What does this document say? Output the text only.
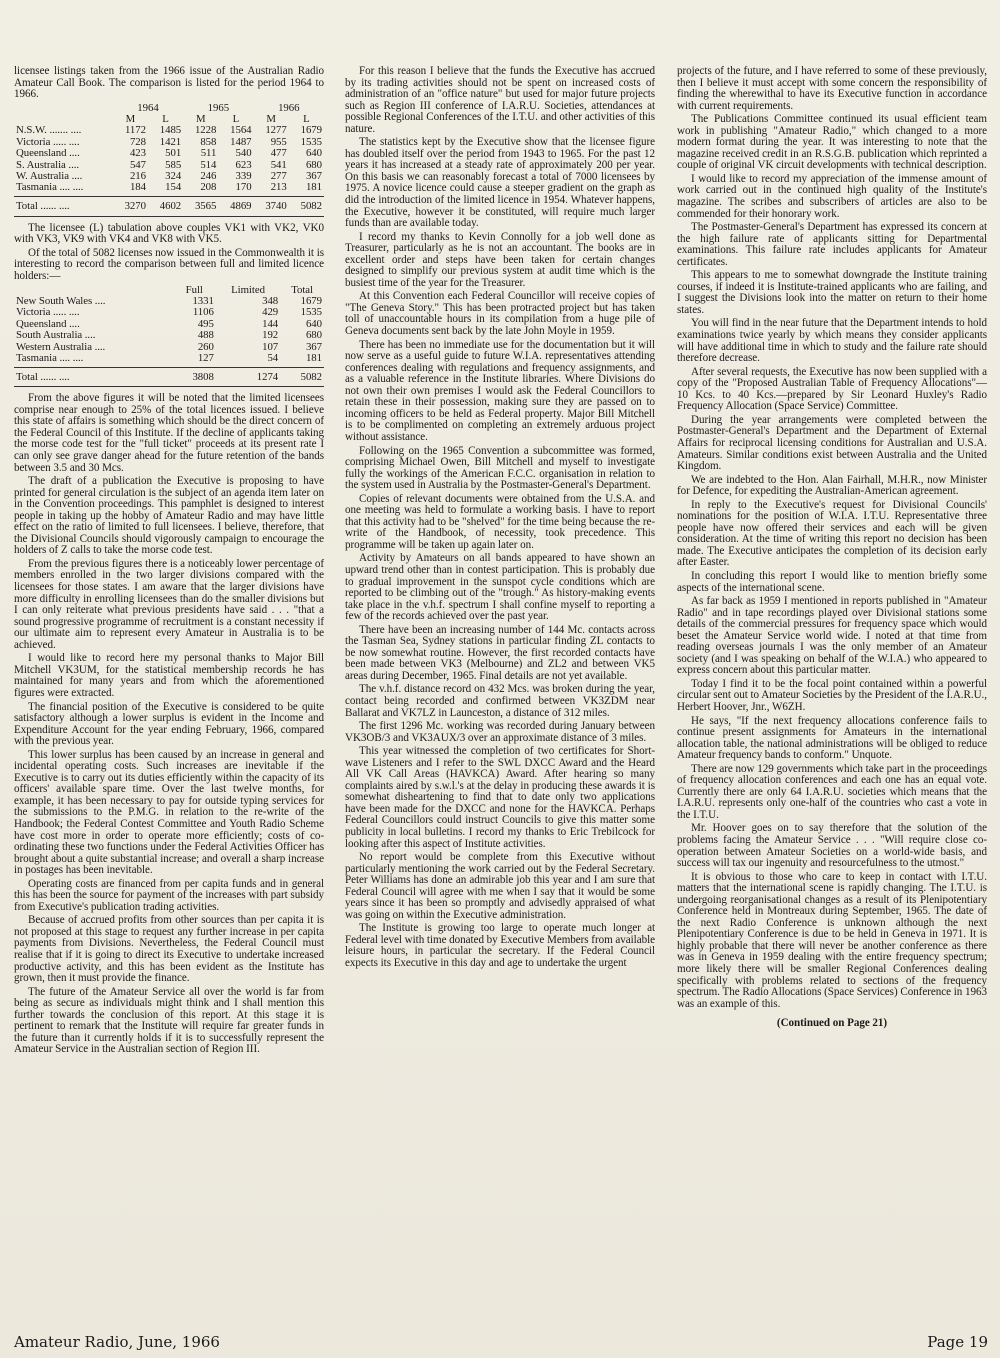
licensee listings taken from the 1966 issue of the Australian Radio Amateur Call Book. The comparison is listed for the period 1964 to 1966.

	1964		1965		1966	
	M	L	M	L	M	L
N.S.W. ....... ....	1172	1485	1228	1564	1277	1679
Victoria ..... ....	728	1421	858	1487	955	1535
Queensland ....	423	501	511	540	477	640
S. Australia ....	547	585	514	623	541	680
W. Australia ....	216	324	246	339	277	367
Tasmania .... ....	184	154	208	170	213	181

Total ...... ....	3270	4602	3565	4869	3740	5082

The licensee (L) tabulation above couples VK1 with VK2, VK0 with VK3, VK9 with VK4 and VK8 with VK5.

Of the total of 5082 licenses now issued in the Commonwealth it is interesting to record the comparison between full and limited licence holders:—

	Full	Limited	Total
New South Wales ....	1331	348	1679
Victoria ..... ....	1106	429	1535
Queensland ....	495	144	640
South Australia ....	488	192	680
Western Australia ....	260	107	367
Tasmania .... ....	127	54	181

Total ...... ....	3808	1274	5082

From the above figures it will be noted that the limited licensees comprise near enough to 25% of the total licences issued. I believe this state of affairs is something which should be the direct concern of the Federal Council of this Institute. If the decline of applicants taking the morse code test for the "full ticket" proceeds at its present rate I can only see grave danger ahead for the future retention of the bands between 3.5 and 30 Mcs.

The draft of a publication the Executive is proposing to have printed for general circulation is the subject of an agenda item later on in the Convention proceedings. This pamphlet is designed to interest people in taking up the hobby of Amateur Radio and may have little effect on the ratio of limited to full licensees. I believe, therefore, that the Divisional Councils should vigorously campaign to encourage the holders of Z calls to take the morse code test.

From the previous figures there is a noticeably lower percentage of members enrolled in the two larger divisions compared with the licensees for those states. I am aware that the larger divisions have more difficulty in enrolling licensees than do the smaller divisions but I can only reiterate what previous presidents have said . . . "that a sound progressive programme of recruitment is a constant necessity if our ultimate aim to represent every Amateur in Australia is to be achieved.

I would like to record here my personal thanks to Major Bill Mitchell VK3UM, for the statistical membership records he has maintained for many years and from which the aforementioned figures were extracted.

The financial position of the Executive is considered to be quite satisfactory although a lower surplus is evident in the Income and Expenditure Account for the year ending February, 1966, compared with the previous year.

This lower surplus has been caused by an increase in general and incidental operating costs. Such increases are inevitable if the Executive is to carry out its duties efficiently within the capacity of its officers' available spare time. Over the last twelve months, for example, it has been necessary to pay for outside typing services for the submissions to the P.M.G. in relation to the re-write of the Handbook; the Federal Contest Committee and Youth Radio Scheme have cost more in order to operate more efficiently; costs of co-ordinating these two functions under the Federal Activities Officer has brought about a quite substantial increase; and overall a sharp increase in postages has been inevitable.

Operating costs are financed from per capita funds and in general this has been the source for payment of the increases with part subsidy from Executive's publication trading activities.

Because of accrued profits from other sources than per capita it is not proposed at this stage to request any further increase in per capita payments from Divisions. Nevertheless, the Federal Council must realise that if it is going to direct its Executive to undertake increased productive activity, and this has been evident as the Institute has grown, then it must provide the finance.

The future of the Amateur Service all over the world is far from being as secure as individuals might think and I shall mention this further towards the conclusion of this report. At this stage it is pertinent to remark that the Institute will require far greater funds in the future than it currently holds if it is to successfully represent the Amateur Service in the Australian section of Region III.

For this reason I believe that the funds the Executive has accrued by its trading activities should not be spent on increased costs of administration of an "office nature" but used for major future projects such as Region III conference of I.A.R.U. Societies, attendances at possible Regional Conferences of the I.T.U. and other activities of this nature.

The statistics kept by the Executive show that the licensee figure has doubled itself over the period from 1943 to 1965. For the past 12 years it has increased at a steady rate of approximately 200 per year. On this basis we can reasonably forecast a total of 7000 licensees by 1975. A novice licence could cause a steeper gradient on the graph as did the introduction of the limited licence in 1954. Whatever happens, the Executive, however it be constituted, will require much larger funds than are available today.

I record my thanks to Kevin Connolly for a job well done as Treasurer, particularly as he is not an accountant. The books are in excellent order and steps have been taken for certain changes designed to simplify our previous system at audit time which is the busiest time of the year for the Treasurer.

At this Convention each Federal Councillor will receive copies of "The Geneva Story." This has been protracted project but has taken toll of unaccountable hours in its compilation from a huge pile of Geneva documents sent back by the late John Moyle in 1959.

There has been no immediate use for the documentation but it will now serve as a useful guide to future W.I.A. representatives attending conferences dealing with regulations and frequency assignments, and as a valuable reference in the Institute libraries. Where Divisions do not own their own premises I would ask the Federal Councillors to retain these in their possession, making sure they are passed on to incoming officers to be held as Federal property. Major Bill Mitchell is to be complimented on completing an extremely arduous project without assistance.

Following on the 1965 Convention a subcommittee was formed, comprising Michael Owen, Bill Mitchell and myself to investigate fully the workings of the American F.C.C. organisation in relation to the system used in Australia by the Postmaster-General's Department.

Copies of relevant documents were obtained from the U.S.A. and one meeting was held to formulate a working basis. I have to report that this activity had to be "shelved" for the time being because the re-write of the Handbook, of necessity, took precedence. This programme will be taken up again later on.

Activity by Amateurs on all bands appeared to have shown an upward trend other than in contest participation. This is probably due to gradual improvement in the sunspot cycle conditions which are reported to be climbing out of the "trough." As history-making events take place in the v.h.f. spectrum I shall confine myself to reporting a few of the records achieved over the past year.

There have been an increasing number of 144 Mc. contacts across the Tasman Sea, Sydney stations in particular finding ZL contacts to be now somewhat routine. However, the first recorded contacts have been made between VK3 (Melbourne) and ZL2 and between VK5 areas during December, 1965. Final details are not yet available.

The v.h.f. distance record on 432 Mcs. was broken during the year, contact being recorded and confirmed between VK3ZDM near Ballarat and VK7LZ in Launceston, a distance of 312 miles.

The first 1296 Mc. working was recorded during January between VK3OB/3 and VK3AUX/3 over an approximate distance of 3 miles.

This year witnessed the completion of two certificates for Short-wave Listeners and I refer to the SWL DXCC Award and the Heard All VK Call Areas (HAVKCA) Award. After hearing so many complaints aired by s.w.l.'s at the delay in producing these awards it is somewhat disheartening to find that to date only two applications have been made for the DXCC and none for the HAVKCA. Perhaps Federal Councillors could instruct Councils to give this matter some publicity in local bulletins. I record my thanks to Eric Trebilcock for looking after this aspect of Institute activities.

No report would be complete from this Executive without particularly mentioning the work carried out by the Federal Secretary. Peter Williams has done an admirable job this year and I am sure that Federal Council will agree with me when I say that it would be some years since it has been so promptly and advisedly appraised of what was going on within the Executive administration.

The Institute is growing too large to operate much longer at Federal level with time donated by Executive Members from available leisure hours, in particular the secretary. If the Federal Council expects its Executive in this day and age to undertake the urgent

projects of the future, and I have referred to some of these previously, then I believe it must accept with some concern the responsibility of finding the wherewithal to have its Executive function in accordance with current requirements.

The Publications Committee continued its usual efficient team work in publishing "Amateur Radio," which changed to a more modern format during the year. It was interesting to note that the magazine received credit in an R.S.G.B. publication which reprinted a couple of original VK circuit developments with technical description.

I would like to record my appreciation of the immense amount of work carried out in the continued high quality of the Institute's magazine. The scribes and subscribers of articles are also to be commended for their honorary work.

The Postmaster-General's Department has expressed its concern at the high failure rate of applicants sitting for Departmental examinations. This failure rate includes applicants for Amateur certificates.

This appears to me to somewhat downgrade the Institute training courses, if indeed it is Institute-trained applicants who are failing, and I suggest the Divisions look into the matter on return to their home states.

You will find in the near future that the Department intends to hold examinations twice yearly by which means they consider applicants will have additional time in which to study and the failure rate should therefore decrease.

After several requests, the Executive has now been supplied with a copy of the "Proposed Australian Table of Frequency Allocations"—10 Kcs. to 40 Kcs.—prepared by Sir Leonard Huxley's Radio Frequency Allocation (Space Service) Committee.

During the year arrangements were completed between the Postmaster-General's Department and the Department of External Affairs for reciprocal licensing conditions for Australian and U.S.A. Amateurs. Similar conditions exist between Australia and the United Kingdom.

We are indebted to the Hon. Alan Fairhall, M.H.R., now Minister for Defence, for expediting the Australian-American agreement.

In reply to the Executive's request for Divisional Councils' nominations for the position of W.I.A. I.T.U. Representative three people have now offered their services and each will be given consideration. At the time of writing this report no decision has been made. The Executive anticipates the completion of its decision early after Easter.

In concluding this report I would like to mention briefly some aspects of the international scene.

As far back as 1959 I mentioned in reports published in "Amateur Radio" and in tape recordings played over Divisional stations some details of the commercial pressures for frequency space which would beset the Amateur Service world wide. I noted at that time from reading overseas journals I was the only member of an Amateur society (and I was speaking on behalf of the W.I.A.) who appeared to express concern about this particular matter.

Today I find it to be the focal point contained within a powerful circular sent out to Amateur Societies by the President of the I.A.R.U., Herbert Hoover, Jnr., W6ZH.

He says, "If the next frequency allocations conference fails to continue present assignments for Amateurs in the international allocation table, the national administrations will be obliged to reduce Amateur frequency bands to conform." Unquote.

There are now 129 governments which take part in the proceedings of frequency allocation conferences and each one has an equal vote. Currently there are only 64 I.A.R.U. societies which means that the I.A.R.U. represents only one-half of the countries who cast a vote in the I.T.U.

Mr. Hoover goes on to say therefore that the solution of the problems facing the Amateur Service . . . "Will require close co-operation between Amateur Societies on a world-wide basis, and success will tax our ingenuity and resourcefulness to the utmost."

It is obvious to those who care to keep in contact with I.T.U. matters that the international scene is rapidly changing. The I.T.U. is undergoing reorganisational changes as a result of its Plenipotentiary Conference held in Montreaux during September, 1965. The date of the next Radio Conference is unknown although the next Plenipotentiary Conference is due to be held in Geneva in 1971. It is highly probable that there will never be another conference as there was in Geneva in 1959 dealing with the entire frequency spectrum; more likely there will be smaller Regional Conferences dealing specifically with problems related to sections of the frequency spectrum. The Radio Allocations (Space Services) Conference in 1963 was an example of this.

(Continued on Page 21)

Amateur Radio, June, 1966	Page 19
